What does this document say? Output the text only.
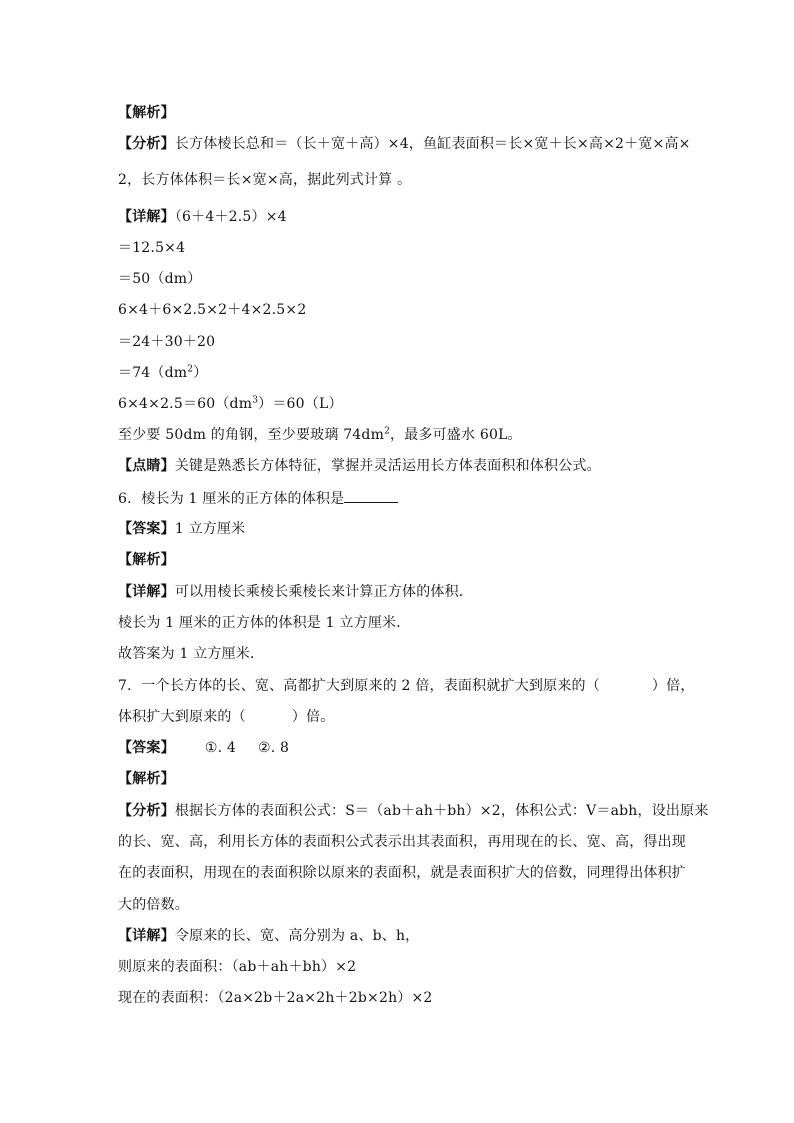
【解析】
【分析】长方体棱长总和＝（长＋宽＋高）×4，鱼缸表面积＝长×宽＋长×高×2＋宽×高×
2，长方体体积＝长×宽×高，据此列式计算 。
【详解】（6＋4＋2.5）×4
＝12.5×4
＝50（dm）
6×4＋6×2.5×2＋4×2.5×2
＝24＋30＋20
$=74(dm^2)$
$6\times 4\times 2.5=60(dm^3)=60(L)$
至少要 50dm 的角钢，至少要玻璃 $74dm^2$，最多可盛水 60L。
【点睛】关键是熟悉长方体特征，掌握并灵活运用长方体表面积和体积公式。
6．棱长为 1 厘米的正方体的体积是
【答案】1 立方厘米
【解析】
【详解】可以用棱长乘棱长乘棱长来计算正方体的体积．
棱长为 1 厘米的正方体的体积是 1 立方厘米．
故答案为 1 立方厘米．
7．一个长方体的长、宽、高都扩大到原来的 2 倍，表面积就扩大到原来的（	）倍，
体积扩大到原来的（	）倍。
【答案】 ①. 4 ②. 8
【解析】
【分析】根据长方体的表面积公式：S＝（ab＋ah＋bh）×2，体积公式：V＝abh，设出原来
的长、宽、高，利用长方体的表面积公式表示出其表面积，再用现在的长、宽、高，得出现
在的表面积，用现在的表面积除以原来的表面积，就是表面积扩大的倍数，同理得出体积扩
大的倍数。
【详解】令原来的长、宽、高分别为 a、b、h，
则原来的表面积：（ab＋ah＋bh）×2
现在的表面积：（2a×2b＋2a×2h＋2b×2h）×2
